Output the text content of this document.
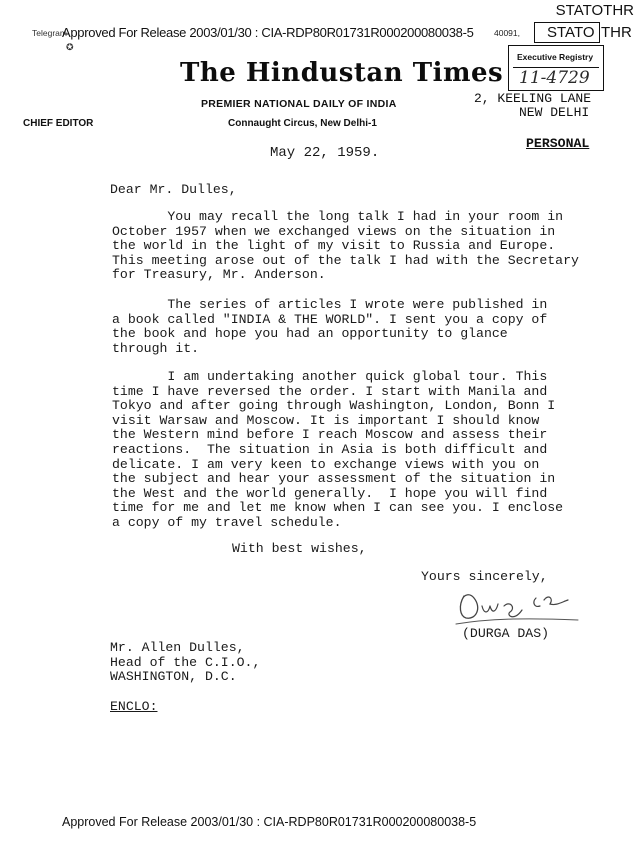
STATOTHR
Telegram
Approved For Release 2003/01/30 : CIA-RDP80R01731R000200080038-5 40091, STATO THR
Executive Registry
11-4729
✪
The Hindustan Times
PREMIER NATIONAL DAILY OF INDIA
Connaught Circus, New Delhi-1
CHIEF EDITOR
2, KEELING LANE
NEW DELHI
PERSONAL
May 22, 1959.
Dear Mr. Dulles,
You may recall the long talk I had in your room in
October 1957 when we exchanged views on the situation in
the world in the light of my visit to Russia and Europe.
This meeting arose out of the talk I had with the Secretary
for Treasury, Mr. Anderson.
The series of articles I wrote were published in
a book called "INDIA & THE WORLD". I sent you a copy of
the book and hope you had an opportunity to glance
through it.
I am undertaking another quick global tour. This
time I have reversed the order. I start with Manila and
Tokyo and after going through Washington, London, Bonn I
visit Warsaw and Moscow. It is important I should know
the Western mind before I reach Moscow and assess their
reactions.  The situation in Asia is both difficult and
delicate. I am very keen to exchange views with you on
the subject and hear your assessment of the situation in
the West and the world generally.  I hope you will find
time for me and let me know when I can see you. I enclose
a copy of my travel schedule.
With best wishes,
Yours sincerely,
(DURGA DAS)
Mr. Allen Dulles,
Head of the C.I.O.,
WASHINGTON, D.C.
ENCLO:
Approved For Release 2003/01/30 : CIA-RDP80R01731R000200080038-5
